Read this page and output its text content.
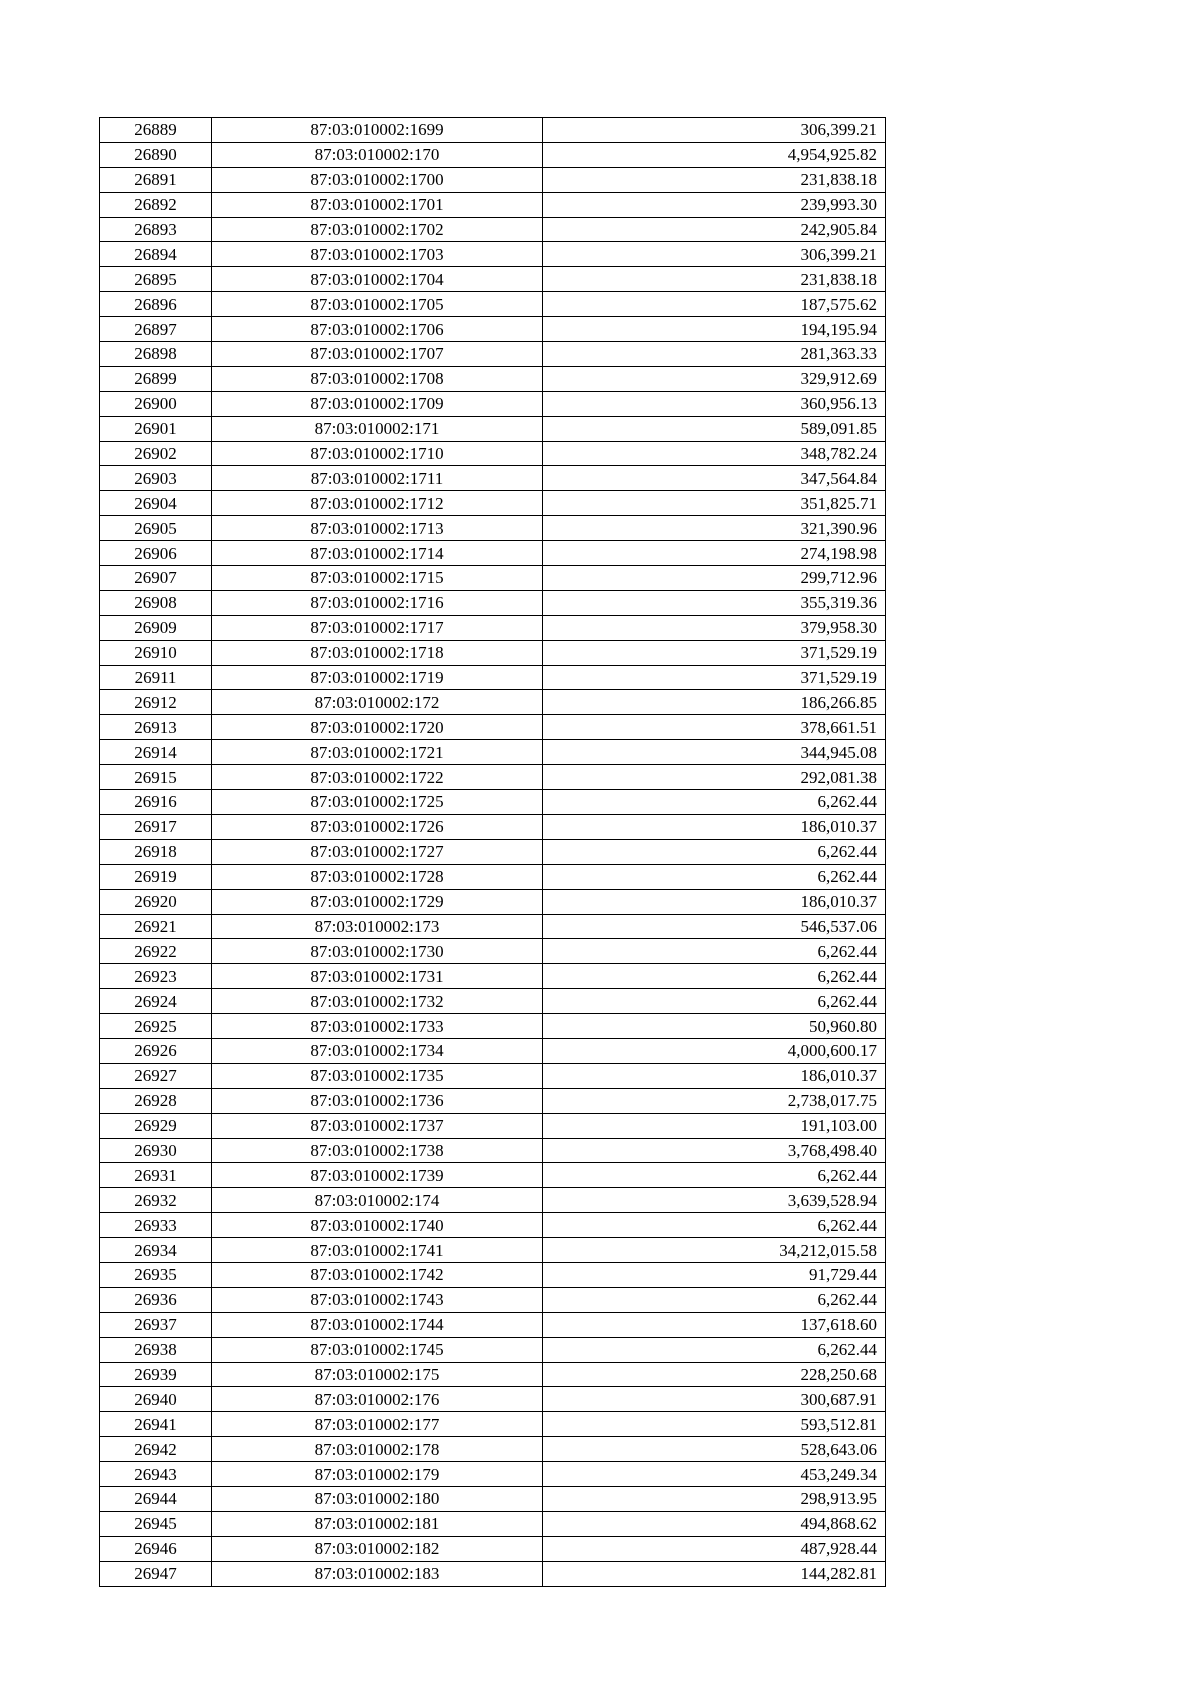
26889	87:03:010002:1699	306,399.21
26890	87:03:010002:170	4,954,925.82
26891	87:03:010002:1700	231,838.18
26892	87:03:010002:1701	239,993.30
26893	87:03:010002:1702	242,905.84
26894	87:03:010002:1703	306,399.21
26895	87:03:010002:1704	231,838.18
26896	87:03:010002:1705	187,575.62
26897	87:03:010002:1706	194,195.94
26898	87:03:010002:1707	281,363.33
26899	87:03:010002:1708	329,912.69
26900	87:03:010002:1709	360,956.13
26901	87:03:010002:171	589,091.85
26902	87:03:010002:1710	348,782.24
26903	87:03:010002:1711	347,564.84
26904	87:03:010002:1712	351,825.71
26905	87:03:010002:1713	321,390.96
26906	87:03:010002:1714	274,198.98
26907	87:03:010002:1715	299,712.96
26908	87:03:010002:1716	355,319.36
26909	87:03:010002:1717	379,958.30
26910	87:03:010002:1718	371,529.19
26911	87:03:010002:1719	371,529.19
26912	87:03:010002:172	186,266.85
26913	87:03:010002:1720	378,661.51
26914	87:03:010002:1721	344,945.08
26915	87:03:010002:1722	292,081.38
26916	87:03:010002:1725	6,262.44
26917	87:03:010002:1726	186,010.37
26918	87:03:010002:1727	6,262.44
26919	87:03:010002:1728	6,262.44
26920	87:03:010002:1729	186,010.37
26921	87:03:010002:173	546,537.06
26922	87:03:010002:1730	6,262.44
26923	87:03:010002:1731	6,262.44
26924	87:03:010002:1732	6,262.44
26925	87:03:010002:1733	50,960.80
26926	87:03:010002:1734	4,000,600.17
26927	87:03:010002:1735	186,010.37
26928	87:03:010002:1736	2,738,017.75
26929	87:03:010002:1737	191,103.00
26930	87:03:010002:1738	3,768,498.40
26931	87:03:010002:1739	6,262.44
26932	87:03:010002:174	3,639,528.94
26933	87:03:010002:1740	6,262.44
26934	87:03:010002:1741	34,212,015.58
26935	87:03:010002:1742	91,729.44
26936	87:03:010002:1743	6,262.44
26937	87:03:010002:1744	137,618.60
26938	87:03:010002:1745	6,262.44
26939	87:03:010002:175	228,250.68
26940	87:03:010002:176	300,687.91
26941	87:03:010002:177	593,512.81
26942	87:03:010002:178	528,643.06
26943	87:03:010002:179	453,249.34
26944	87:03:010002:180	298,913.95
26945	87:03:010002:181	494,868.62
26946	87:03:010002:182	487,928.44
26947	87:03:010002:183	144,282.81
